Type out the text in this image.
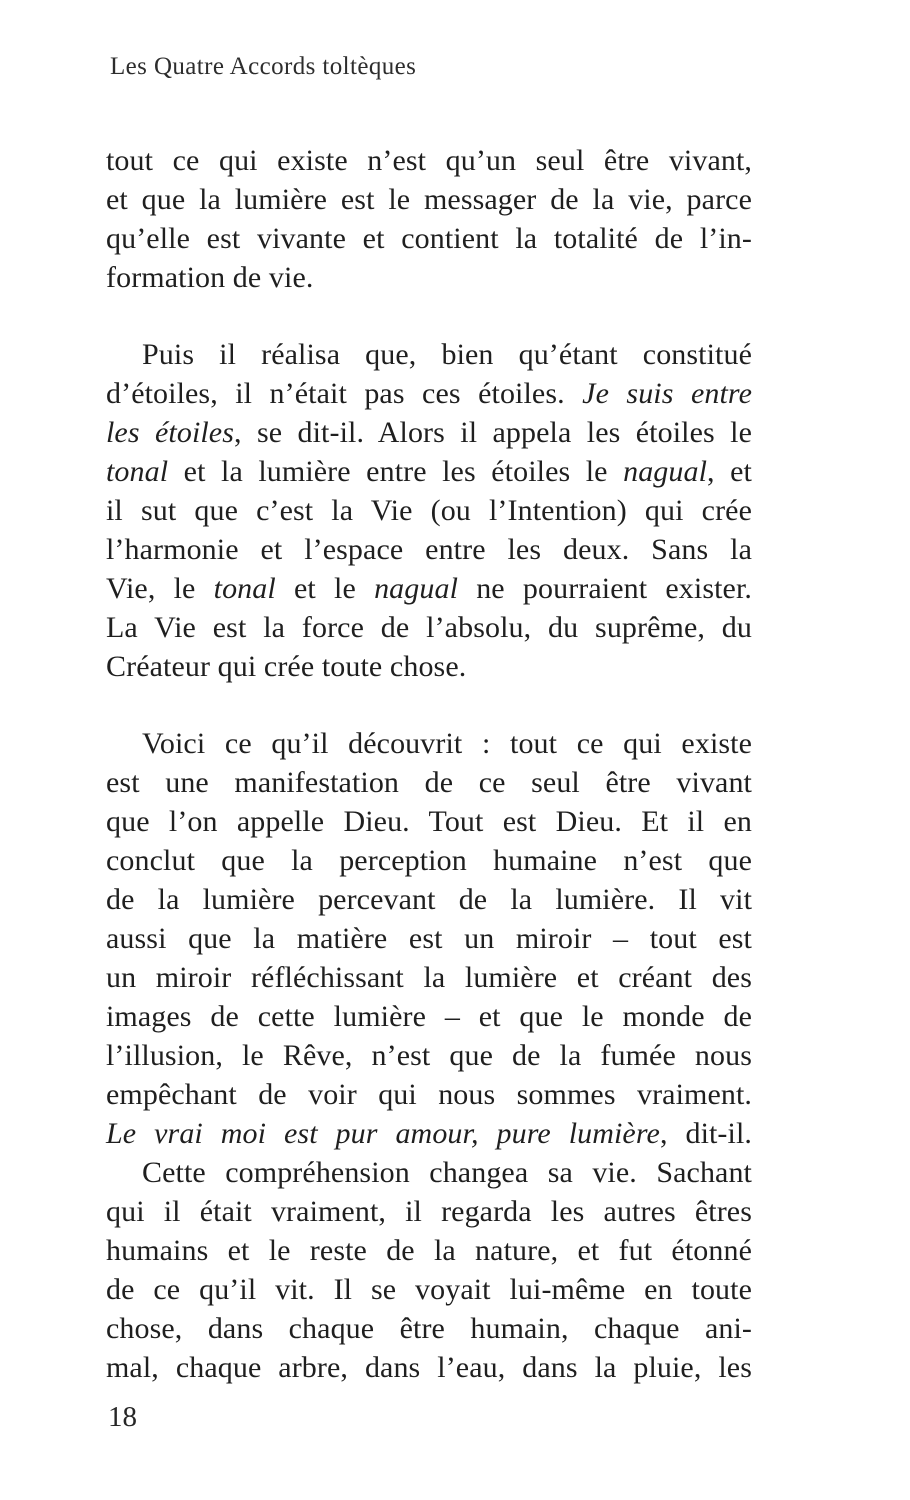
Les Quatre Accords toltèques
tout ce qui existe n’est qu’un seul être vivant,
et que la lumière est le messager de la vie, parce
qu’elle est vivante et contient la totalité de l’in-
formation de vie.
Puis il réalisa que, bien qu’étant constitué
d’étoiles, il n’était pas ces étoiles. Je suis entre
les étoiles, se dit-il. Alors il appela les étoiles le
tonal et la lumière entre les étoiles le nagual, et
il sut que c’est la Vie (ou l’Intention) qui crée
l’harmonie et l’espace entre les deux. Sans la
Vie, le tonal et le nagual ne pourraient exister.
La Vie est la force de l’absolu, du suprême, du
Créateur qui crée toute chose.
Voici ce qu’il découvrit : tout ce qui existe
est une manifestation de ce seul être vivant
que l’on appelle Dieu. Tout est Dieu. Et il en
conclut que la perception humaine n’est que
de la lumière percevant de la lumière. Il vit
aussi que la matière est un miroir – tout est
un miroir réfléchissant la lumière et créant des
images de cette lumière – et que le monde de
l’illusion, le Rêve, n’est que de la fumée nous
empêchant de voir qui nous sommes vraiment.
Le vrai moi est pur amour, pure lumière, dit-il.
Cette compréhension changea sa vie. Sachant
qui il était vraiment, il regarda les autres êtres
humains et le reste de la nature, et fut étonné
de ce qu’il vit. Il se voyait lui-même en toute
chose, dans chaque être humain, chaque ani-
mal, chaque arbre, dans l’eau, dans la pluie, les
18
